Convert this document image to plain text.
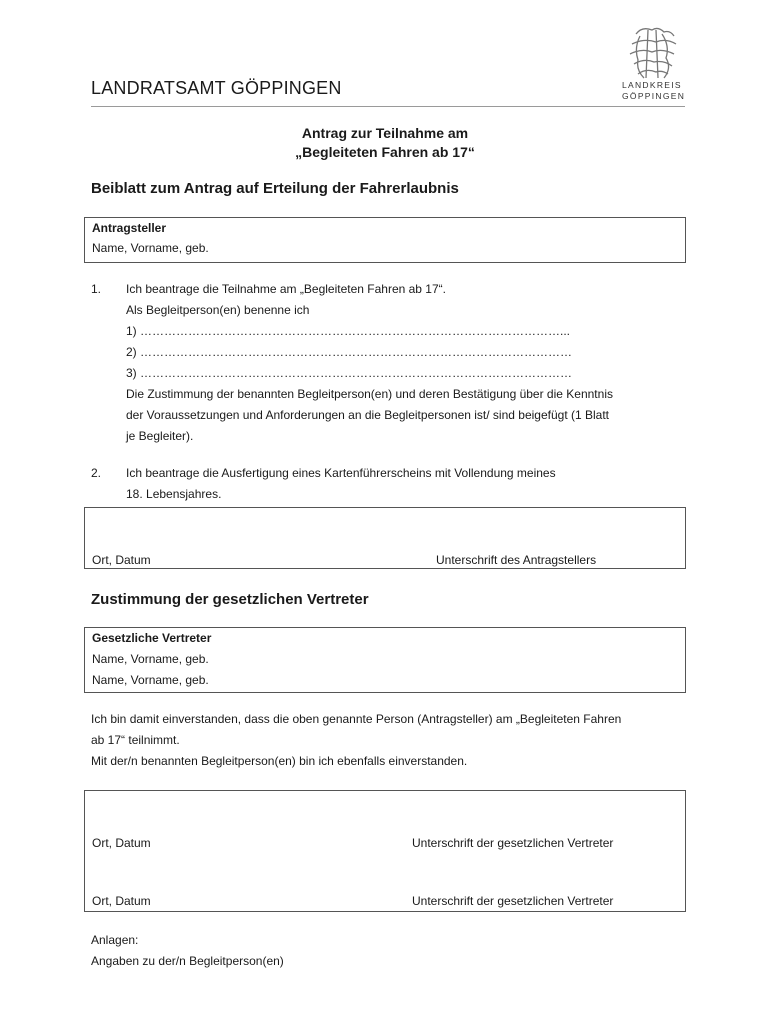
LANDRATSAMT GÖPPINGEN	LANDKREIS
GÖPPINGEN
Antrag zur Teilnahme am
„Begleiteten Fahren ab 17“
Beiblatt zum Antrag auf Erteilung der Fahrerlaubnis
Antragsteller
Name, Vorname, geb.
1. Ich beantrage die Teilnahme am „Begleiteten Fahren ab 17“.
Als Begleitperson(en) benenne ich
1) ……………………………………………………………………………………………...
2) ………………………………………………………………………………………………
3) ………………………………………………………………………………………………
Die Zustimmung der benannten Begleitperson(en) und deren Bestätigung über die Kenntnis
der Voraussetzungen und Anforderungen an die Begleitpersonen ist/ sind beigefügt (1 Blatt
je Begleiter).
2. Ich beantrage die Ausfertigung eines Kartenführerscheins mit Vollendung meines
18. Lebensjahres.
Ort, Datum	Unterschrift des Antragstellers
Zustimmung der gesetzlichen Vertreter
Gesetzliche Vertreter
Name, Vorname, geb.
Name, Vorname, geb.
Ich bin damit einverstanden, dass die oben genannte Person (Antragsteller) am „Begleiteten Fahren
ab 17“ teilnimmt.
Mit der/n benannten Begleitperson(en) bin ich ebenfalls einverstanden.
Ort, Datum	Unterschrift der gesetzlichen Vertreter
Ort, Datum	Unterschrift der gesetzlichen Vertreter
Anlagen:
Angaben zu der/n Begleitperson(en)
